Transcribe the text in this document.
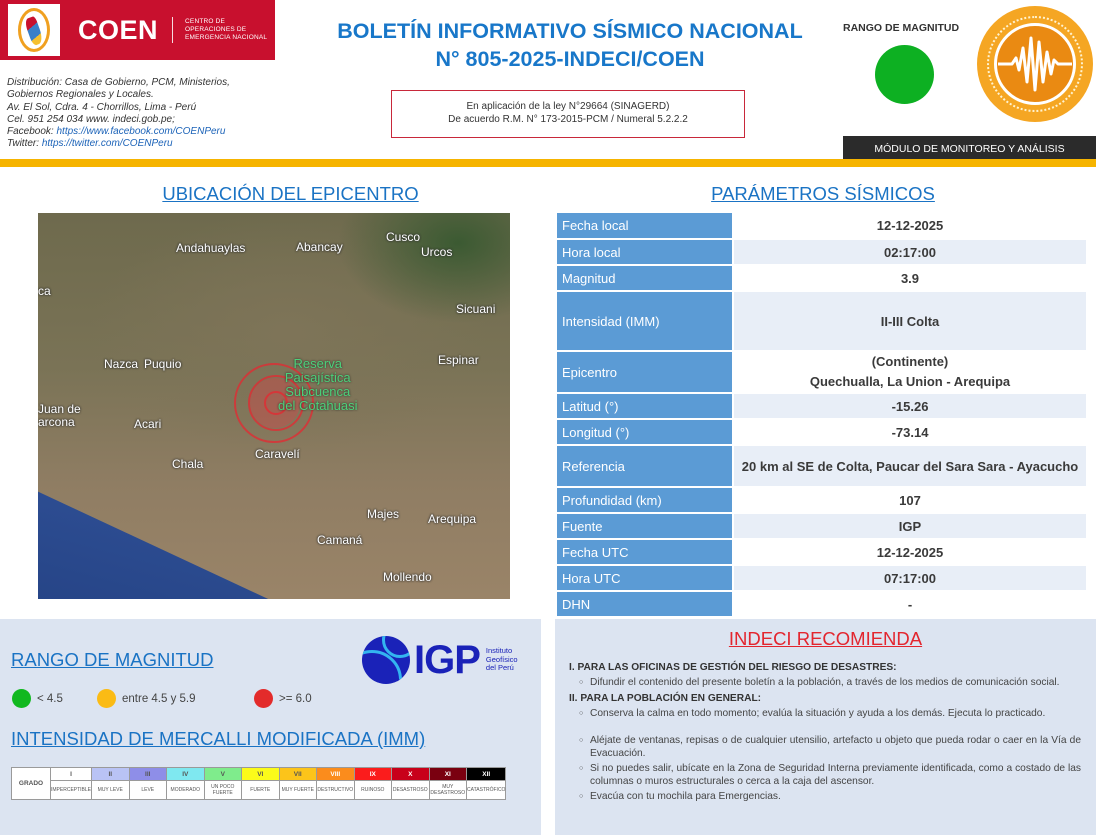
COEN	CENTRO DE
OPERACIONES DE
EMERGENCIA NACIONAL
Distribución: Casa de Gobierno, PCM, Ministerios,
Gobiernos Regionales y Locales.
Av. El Sol, Cdra. 4 - Chorrillos, Lima - Perú
Cel. 951 254 034 www. indeci.gob.pe;
Facebook: https://www.facebook.com/COENPeru
Twitter: https://twitter.com/COENPeru
BOLETÍN INFORMATIVO SÍSMICO NACIONAL
N° 805-2025-INDECI/COEN
En aplicación de la ley N°29664 (SINAGERD)
De acuerdo R.M. N° 173-2015-PCM / Numeral 5.2.2.2
RANGO DE MAGNITUD
MÓDULO DE MONITOREO Y ANÁLISIS
UBICACIÓN DEL EPICENTRO
Andahuaylas	Abancay
Cusco
Urcos
ca
Sicuani
Puquio
Nazca	Espinar
Juan de
arcona	Acari
Chala
Caravelí
Majes Arequipa
Camaná
Mollendo
Reserva
Paisajística
Subcuenca
del Cotahuasi
PARÁMETROS SÍSMICOS
Fecha local	12-12-2025
Hora local	02:17:00
Magnitud	3.9
Intensidad (IMM)	II-III Colta
Epicentro	(Continente)
Quechualla, La Union - Arequipa

Latitud (°)	-15.26
Longitud (°)	-73.14
Referencia	20 km al SE de Colta, Paucar del Sara Sara - Ayacucho
Profundidad (km)	107
Fuente	IGP
Fecha UTC	12-12-2025
Hora UTC	07:17:00
DHN	-
RANGO DE MAGNITUD
< 4.5	entre 4.5 y 5.9	>= 6.0
IGP Instituto
Geofísico
del Perú
INTENSIDAD DE MERCALLI MODIFICADA (IMM)
GRADO	I	II	III	IV	V	VI	VII	VIII	IX	X	XI	XII
	IMPERCEPTIBLE	MUY LEVE	LEVE	MODERADO	UN POCO FUERTE	FUERTE	MUY FUERTE	DESTRUCTIVO	RUINOSO	DESASTROSO	MUY DESASTROSO	CATASTRÓFICO
INDECI RECOMIENDA
I. PARA LAS OFICINAS DE GESTIÓN DEL RIESGO DE DESASTRES:
○ Difundir el contenido del presente boletín a la población, a través de los medios de comunicación social.
II. PARA LA POBLACIÓN EN GENERAL:
○ Conserva la calma en todo momento; evalúa la situación y ayuda a los demás. Ejecuta lo practicado.
○ Aléjate de ventanas, repisas o de cualquier utensilio, artefacto u objeto que pueda rodar o caer en la Vía de Evacuación.
○ Si no puedes salir, ubícate en la Zona de Seguridad Interna previamente identificada, como a costado de las columnas o muros estructurales o cerca a la caja del ascensor.
○ Evacúa con tu mochila para Emergencias.
